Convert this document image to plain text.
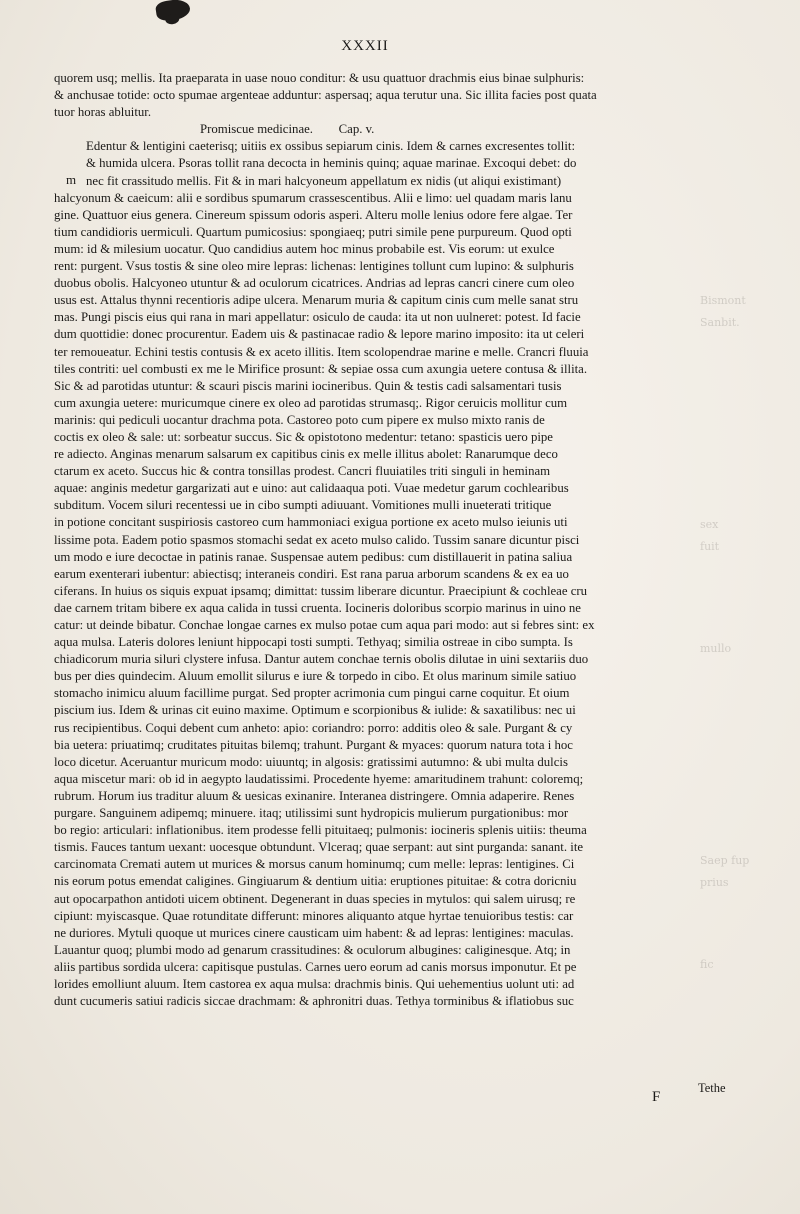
Bismont
Sanbit.
sex
fuit
mullo
Saep fup
prius
fic
XXXII
m
quorem usq; mellis. Ita praeparata in uase nouo conditur: & usu quattuor drachmis eius binae sulphuris:
& anchusae totide: octo spumae argenteae adduntur: aspersaq; aqua terutur una. Sic illita facies post quata
tuor horas abluitur.
Promiscue medicinae.        Cap. v.
Edentur & lentigini caeterisq; uitiis ex ossibus sepiarum cinis. Idem & carnes excresentes tollit:
& humida ulcera. Psoras tollit rana decocta in heminis quinq; aquae marinae. Excoqui debet: do
nec fit crassitudo mellis. Fit & in mari halcyoneum appellatum ex nidis (ut aliqui existimant)
halcyonum & caeicum: alii e sordibus spumarum crassescentibus. Alii e limo: uel quadam maris lanu
gine. Quattuor eius genera. Cinereum spissum odoris asperi. Alteru molle lenius odore fere algae. Ter
tium candidioris uermiculi. Quartum pumicosius: spongiaeq; putri simile pene purpureum. Quod opti
mum: id & milesium uocatur. Quo candidius autem hoc minus probabile est. Vis eorum: ut exulce
rent: purgent. Vsus tostis & sine oleo mire lepras: lichenas: lentigines tollunt cum lupino: & sulphuris
duobus obolis. Halcyoneo utuntur & ad oculorum cicatrices. Andrias ad lepras cancri cinere cum oleo
usus est. Attalus thynni recentioris adipe ulcera. Menarum muria & capitum cinis cum melle sanat stru
mas. Pungi piscis eius qui rana in mari appellatur: osiculo de cauda: ita ut non uulneret: potest. Id facie
dum quottidie: donec procurentur. Eadem uis & pastinacae radio & lepore marino imposito: ita ut celeri
ter remoueatur. Echini testis contusis & ex aceto illitis. Item scolopendrae marine e melle. Crancri fluuia
tiles contriti: uel combusti ex me le Mirifice prosunt: & sepiae ossa cum axungia uetere contusa & illita.
Sic & ad parotidas utuntur: & scauri piscis marini iocineribus. Quin & testis cadi salsamentari tusis
cum axungia uetere: muricumque cinere ex oleo ad parotidas strumasq;. Rigor ceruicis mollitur cum
marinis: qui pediculi uocantur drachma pota. Castoreo poto cum pipere ex mulso mixto ranis de
coctis ex oleo & sale: ut: sorbeatur succus. Sic & opistotono medentur: tetano: spasticis uero pipe
re adiecto. Anginas menarum salsarum ex capitibus cinis ex melle illitus abolet: Ranarumque deco
ctarum ex aceto. Succus hic & contra tonsillas prodest. Cancri fluuiatiles triti singuli in heminam
aquae: anginis medetur gargarizati aut e uino: aut calidaaqua poti. Vuae medetur garum cochlearibus
subditum. Vocem siluri recentessi ue in cibo sumpti adiuuant. Vomitiones mulli inueterati tritique
in potione concitant suspiriosis castoreo cum hammoniaci exigua portione ex aceto mulso ieiunis uti
lissime pota. Eadem potio spasmos stomachi sedat ex aceto mulso calido. Tussim sanare dicuntur pisci
um modo e iure decoctae in patinis ranae. Suspensae autem pedibus: cum distillauerit in patina saliua
earum exenterari iubentur: abiectisq; interaneis condiri. Est rana parua arborum scandens & ex ea uo
ciferans. In huius os siquis expuat ipsamq; dimittat: tussim liberare dicuntur. Praecipiunt & cochleae cru
dae carnem tritam bibere ex aqua calida in tussi cruenta. Iocineris doloribus scorpio marinus in uino ne
catur: ut deinde bibatur. Conchae longae carnes ex mulso potae cum aqua pari modo: aut si febres sint: ex
aqua mulsa. Lateris dolores leniunt hippocapi tosti sumpti. Tethyaq; similia ostreae in cibo sumpta. Is
chiadicorum muria siluri clystere infusa. Dantur autem conchae ternis obolis dilutae in uini sextariis duo
bus per dies quindecim. Aluum emollit silurus e iure & torpedo in cibo. Et olus marinum simile satiuo
stomacho inimicu aluum facillime purgat. Sed propter acrimonia cum pingui carne coquitur. Et oium
piscium ius. Idem & urinas cit euino maxime. Optimum e scorpionibus & iulide: & saxatilibus: nec ui
rus recipientibus. Coqui debent cum anheto: apio: coriandro: porro: additis oleo & sale. Purgant & cy
bia uetera: priuatimq; cruditates pituitas bilemq; trahunt. Purgant & myaces: quorum natura tota i hoc
loco dicetur. Aceruantur muricum modo: uiuuntq; in algosis: gratissimi autumno: & ubi multa dulcis
aqua miscetur mari: ob id in aegypto laudatissimi. Procedente hyeme: amaritudinem trahunt: coloremq;
rubrum. Horum ius traditur aluum & uesicas exinanire. Interanea distringere. Omnia adaperire. Renes
purgare. Sanguinem adipemq; minuere. itaq; utilissimi sunt hydropicis mulierum purgationibus: mor
bo regio: articulari: inflationibus. item prodesse felli pituitaeq; pulmonis: iocineris splenis uitiis: theuma
tismis. Fauces tantum uexant: uocesque obtundunt. Vlceraq; quae serpant: aut sint purganda: sanant. ite
carcinomata Cremati autem ut murices & morsus canum hominumq; cum melle: lepras: lentigines. Ci
nis eorum potus emendat caligines. Gingiuarum & dentium uitia: eruptiones pituitae: & cotra doricniu
aut opocarpathon antidoti uicem obtinent. Degenerant in duas species in mytulos: qui salem uirusq; re
cipiunt: myiscasque. Quae rotunditate differunt: minores aliquanto atque hyrtae tenuioribus testis: car
ne duriores. Mytuli quoque ut murices cinere causticam uim habent: & ad lepras: lentigines: maculas.
Lauantur quoq; plumbi modo ad genarum crassitudines: & oculorum albugines: caliginesque. Atq; in
aliis partibus sordida ulcera: capitisque pustulas. Carnes uero eorum ad canis morsus imponutur. Et pe
lorides emolliunt aluum. Item castorea ex aqua mulsa: drachmis binis. Qui uehementius uolunt uti: ad
dunt cucumeris satiui radicis siccae drachmam: & aphronitri duas. Tethya torminibus & iflatiobus suc
Tethe
F
